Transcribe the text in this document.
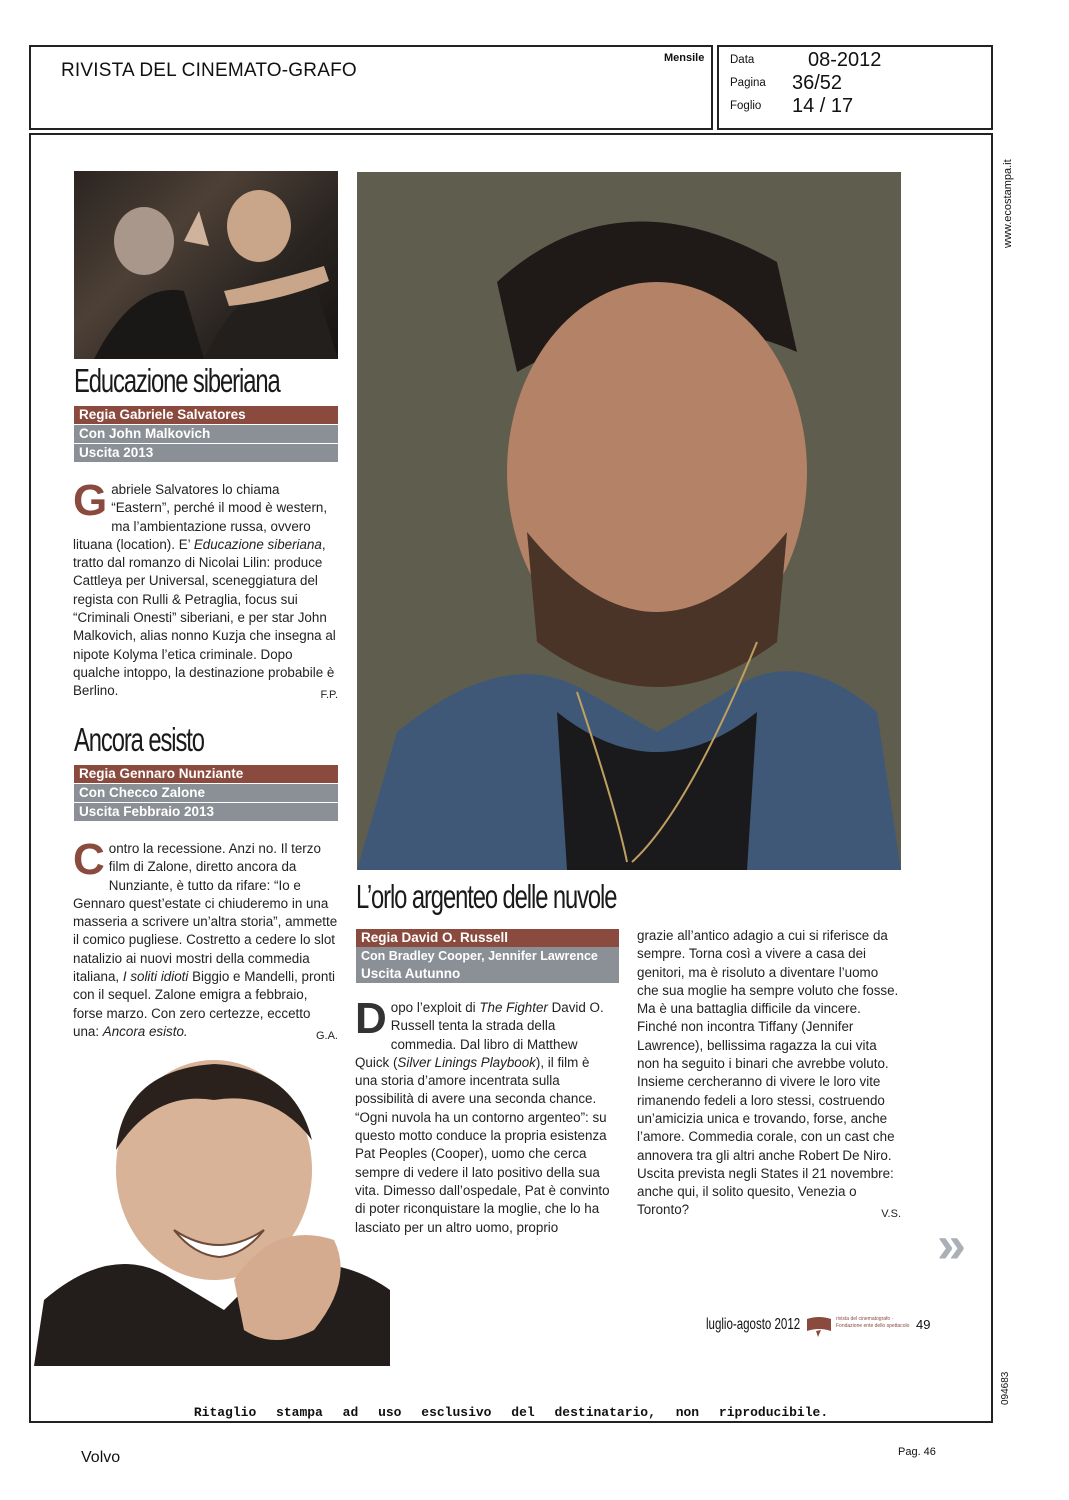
RIVISTA DEL CINEMATO-GRAFO
Mensile Data	08-2012
Pagina 36/52
Foglio 14 / 17
www.ecostampa.it
094683
Educazione siberiana
Regia Gabriele Salvatores
Con John Malkovich
Uscita 2013
Gabriele Salvatores lo chiama “Eastern”, perché il mood è western, ma l’ambientazione russa, ovvero lituana (location). E’ Educazione siberiana, tratto dal romanzo di Nicolai Lilin: produce Cattleya per Universal, sceneggiatura del regista con Rulli & Petraglia, focus sui “Criminali Onesti” siberiani, e per star John Malkovich, alias nonno Kuzja che insegna al nipote Kolyma l’etica criminale. Dopo qualche intoppo, la destinazione probabile è Berlino.	F.P.
Ancora esisto
Regia Gennaro Nunziante
Con Checco Zalone
Uscita Febbraio 2013
Contro la recessione. Anzi no. Il terzo film di Zalone, diretto ancora da Nunziante, è tutto da rifare: “Io e Gennaro quest’estate ci chiuderemo in una masseria a scrivere un’altra storia”, ammette il comico pugliese. Costretto a cedere lo slot natalizio ai nuovi mostri della commedia italiana, I soliti idioti Biggio e Mandelli, pronti con il sequel. Zalone emigra a febbraio, forse marzo. Con zero certezze, eccetto una: Ancora esisto.	G.A.
L’orlo argenteo delle nuvole
Regia David O. Russell
Con Bradley Cooper, Jennifer Lawrence
Uscita Autunno
Dopo l’exploit di The Fighter David O. Russell tenta la strada della commedia. Dal libro di Matthew Quick (Silver Linings Playbook), il film è una storia d’amore incentrata sulla possibilità di avere una seconda chance. “Ogni nuvola ha un contorno argenteo”: su questo motto conduce la propria esistenza Pat Peoples (Cooper), uomo che cerca sempre di vedere il lato positivo della sua vita. Dimesso dall’ospedale, Pat è convinto di poter riconquistare la moglie, che lo ha lasciato per un altro uomo, proprio
grazie all’antico adagio a cui si riferisce da sempre. Torna così a vivere a casa dei genitori, ma è risoluto a diventare l’uomo che sua moglie ha sempre voluto che fosse. Ma è una battaglia difficile da vincere. Finché non incontra Tiffany (Jennifer Lawrence), bellissima ragazza la cui vita non ha seguito i binari che avrebbe voluto. Insieme cercheranno di vivere le loro vite rimanendo fedeli a loro stessi, costruendo un’amicizia unica e trovando, forse, anche l’amore. Commedia corale, con un cast che annovera tra gli altri anche Robert De Niro. Uscita prevista negli States il 21 novembre: anche qui, il solito quesito, Venezia o Toronto?	V.S.
»
luglio-agosto 2012	rivista del cinematografo · Fondazione ente dello spettacolo 49
Ritaglio stampa ad uso esclusivo del destinatario, non riproducibile.
Volvo	Pag. 46
